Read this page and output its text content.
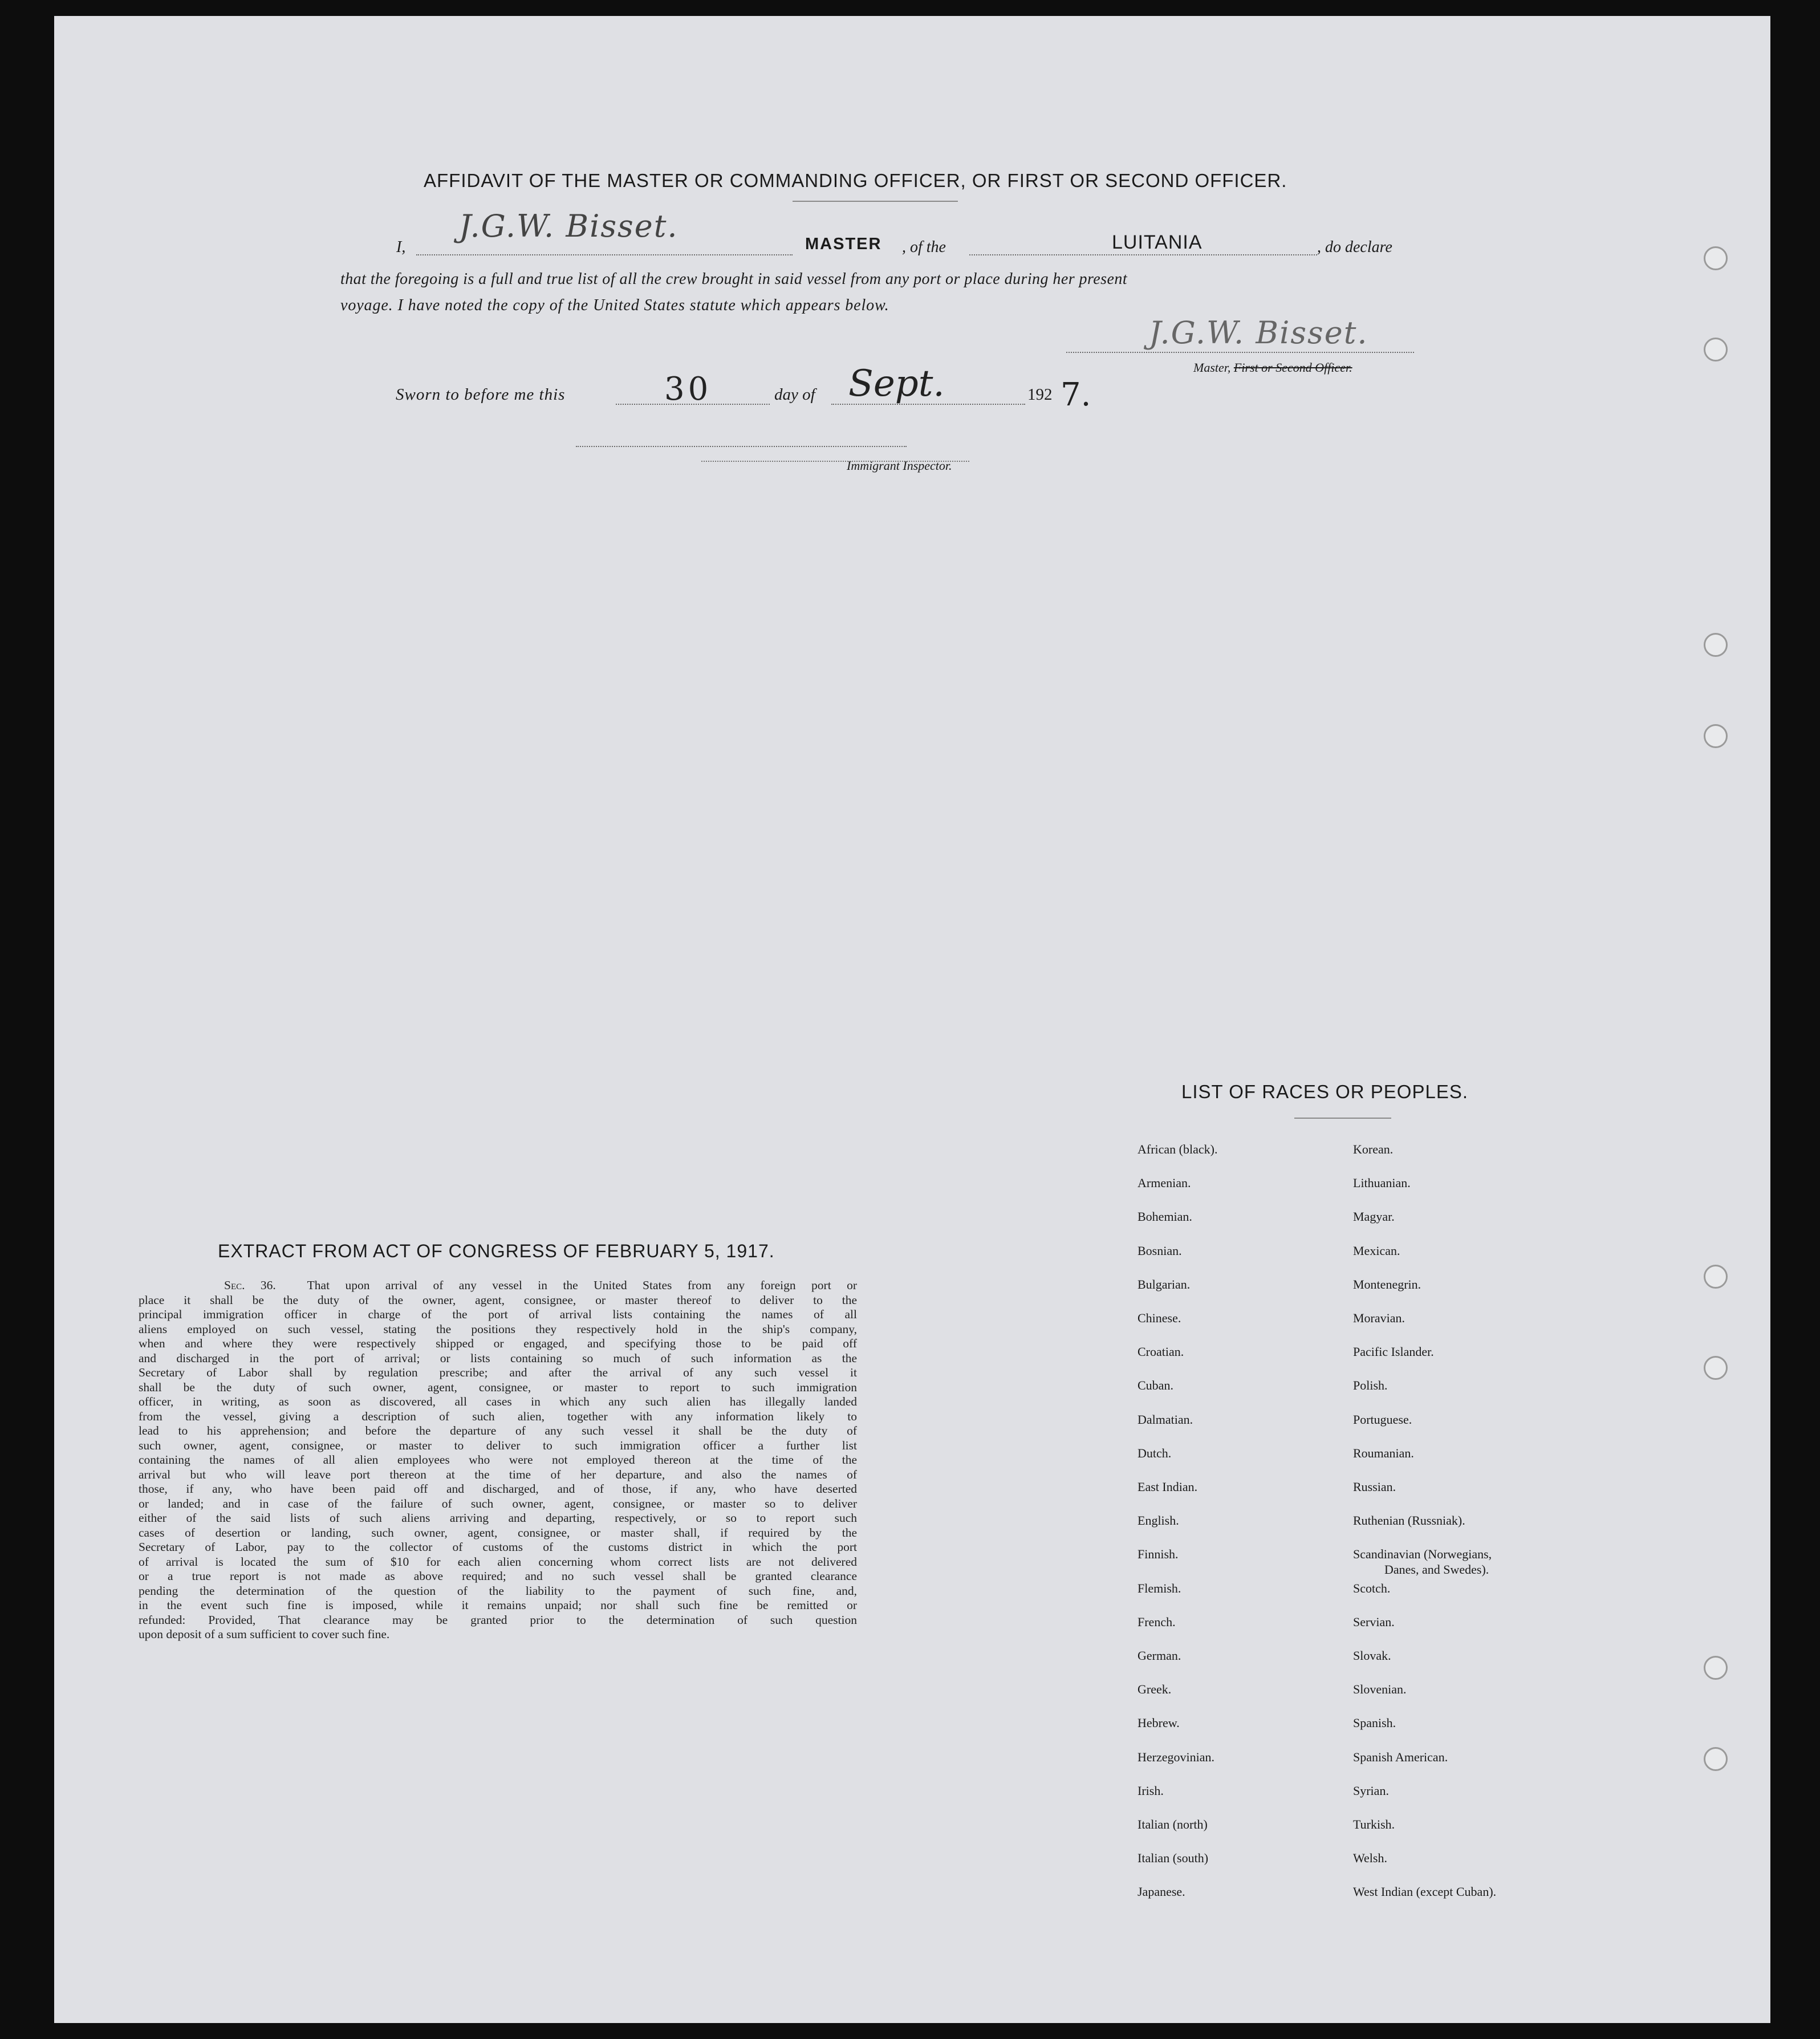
AFFIDAVIT OF THE MASTER OR COMMANDING OFFICER, OR FIRST OR SECOND OFFICER.
I,
J.G.W. Bisset.	MASTER , of the	LUITANIA	, do declare
that the foregoing is a full and true list of all the crew brought in said vessel from any port or place during her present
voyage. I have noted the copy of the United States statute which appears below.
J.G.W. Bisset.
Master, First or Second Officer.
Sworn to before me this	30	day of Sept.	192 7.
Immigrant Inspector.
EXTRACT FROM ACT OF CONGRESS OF FEBRUARY 5, 1917.
Sec. 36.	That upon arrival of any vessel in the United States from any foreign port or
place it shall be the duty of the owner, agent, consignee, or master thereof to deliver to the
principal immigration officer in charge of the port of arrival lists containing the names of all
aliens employed on such vessel, stating the positions they respectively hold in the ship's company,
when and where they were respectively shipped or engaged, and specifying those to be paid off
and discharged in the port of arrival; or lists containing so much of such information as the
Secretary of Labor shall by regulation prescribe; and after the arrival of any such vessel it
shall be the duty of such owner, agent, consignee, or master to report to such immigration
officer, in writing, as soon as discovered, all cases in which any such alien has illegally landed
from the vessel, giving a description of such alien, together with any information likely to
lead to his apprehension; and before the departure of any such vessel it shall be the duty of
such owner, agent, consignee, or master to deliver to such immigration officer a further list
containing the names of all alien employees who were not employed thereon at the time of the
arrival but who will leave port thereon at the time of her departure, and also the names of
those, if any, who have been paid off and discharged, and of those, if any, who have deserted
or landed; and in case of the failure of such owner, agent, consignee, or master so to deliver
either of the said lists of such aliens arriving and departing, respectively, or so to report such
cases of desertion or landing, such owner, agent, consignee, or master shall, if required by the
Secretary of Labor, pay to the collector of customs of the customs district in which the port
of arrival is located the sum of $10 for each alien concerning whom correct lists are not delivered
or a true report is not made as above required; and no such vessel shall be granted clearance
pending the determination of the question of the liability to the payment of such fine, and,
in the event such fine is imposed, while it remains unpaid; nor shall such fine be remitted or
refunded: Provided, That clearance may be granted prior to the determination of such question
upon deposit of a sum sufficient to cover such fine.
LIST OF RACES OR PEOPLES.
African (black).
Armenian.
Bohemian.
Bosnian.
Bulgarian.
Chinese.
Croatian.
Cuban.
Dalmatian.
Dutch.
East Indian.
English.
Finnish.
Flemish.
French.
German.
Greek.
Hebrew.
Herzegovinian.
Irish.
Italian (north)
Italian (south)
Japanese.
Korean.
Lithuanian.
Magyar.
Mexican.
Montenegrin.
Moravian.
Pacific Islander.
Polish.
Portuguese.
Roumanian.
Russian.
Ruthenian (Russniak).
Scandinavian (Norwegians,
Danes, and Swedes).
Scotch.
Servian.
Slovak.
Slovenian.
Spanish.
Spanish American.
Syrian.
Turkish.
Welsh.
West Indian (except Cuban).
